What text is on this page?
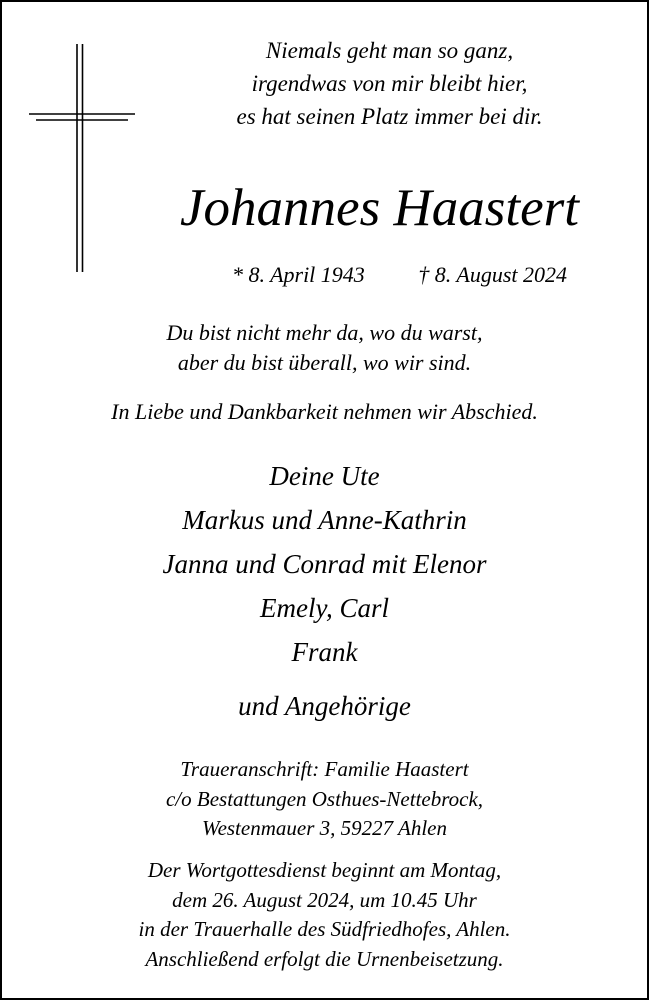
Niemals geht man so ganz,
irgendwas von mir bleibt hier,
es hat seinen Platz immer bei dir.
Johannes Haastert
* 8. April 1943 † 8. August 2024
Du bist nicht mehr da, wo du warst,
aber du bist überall, wo wir sind.
In Liebe und Dankbarkeit nehmen wir Abschied.
Deine Ute
Markus und Anne-Kathrin
Janna und Conrad mit Elenor
Emely, Carl
Frank
und Angehörige
Traueranschrift: Familie Haastert
c/o Bestattungen Osthues-Nettebrock,
Westenmauer 3, 59227 Ahlen
Der Wortgottesdienst beginnt am Montag,
dem 26. August 2024, um 10.45 Uhr
in der Trauerhalle des Südfriedhofes, Ahlen.
Anschließend erfolgt die Urnenbeisetzung.
